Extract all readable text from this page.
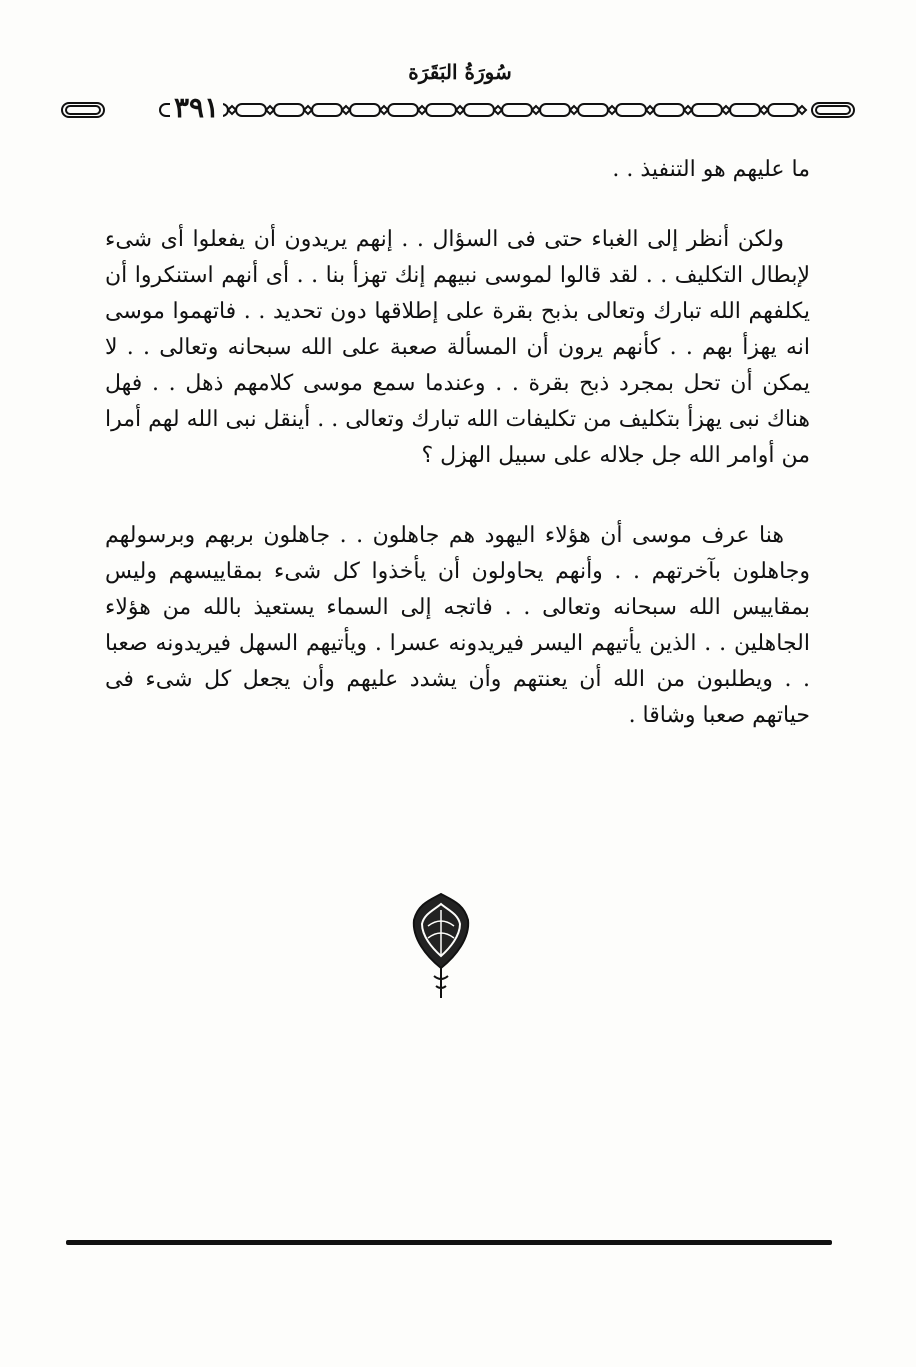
سُورَةُ البَقَرَة
٣٩١

ما عليهم هو التنفيذ . .

ولكن أنظر إلى الغباء حتى فى السؤال . . إنهم يريدون أن يفعلوا أى شىء لإبطال التكليف . . لقد قالوا لموسى نبيهم إنك تهزأ بنا . . أى أنهم استنكروا أن يكلفهم الله تبارك وتعالى بذبح بقرة على إطلاقها دون تحديد . . فاتهموا موسى انه يهزأ بهم . . كأنهم يرون أن المسألة صعبة على الله سبحانه وتعالى . . لا يمكن أن تحل بمجرد ذبح بقرة . . وعندما سمع موسى كلامهم ذهل . . فهل هناك نبى يهزأ بتكليف من تكليفات الله تبارك وتعالى . . أينقل نبى الله لهم أمرا من أوامر الله جل جلاله على سبيل الهزل ؟

هنا عرف موسى أن هؤلاء اليهود هم جاهلون . . جاهلون بربهم وبرسولهم وجاهلون بآخرتهم . . وأنهم يحاولون أن يأخذوا كل شىء بمقاييسهم وليس بمقاييس الله سبحانه وتعالى . . فاتجه إلى السماء يستعيذ بالله من هؤلاء الجاهلين . . الذين يأتيهم اليسر فيريدونه عسرا . ويأتيهم السهل فيريدونه صعبا . . ويطلبون من الله أن يعنتهم وأن يشدد عليهم وأن يجعل كل شىء فى حياتهم صعبا وشاقا .
